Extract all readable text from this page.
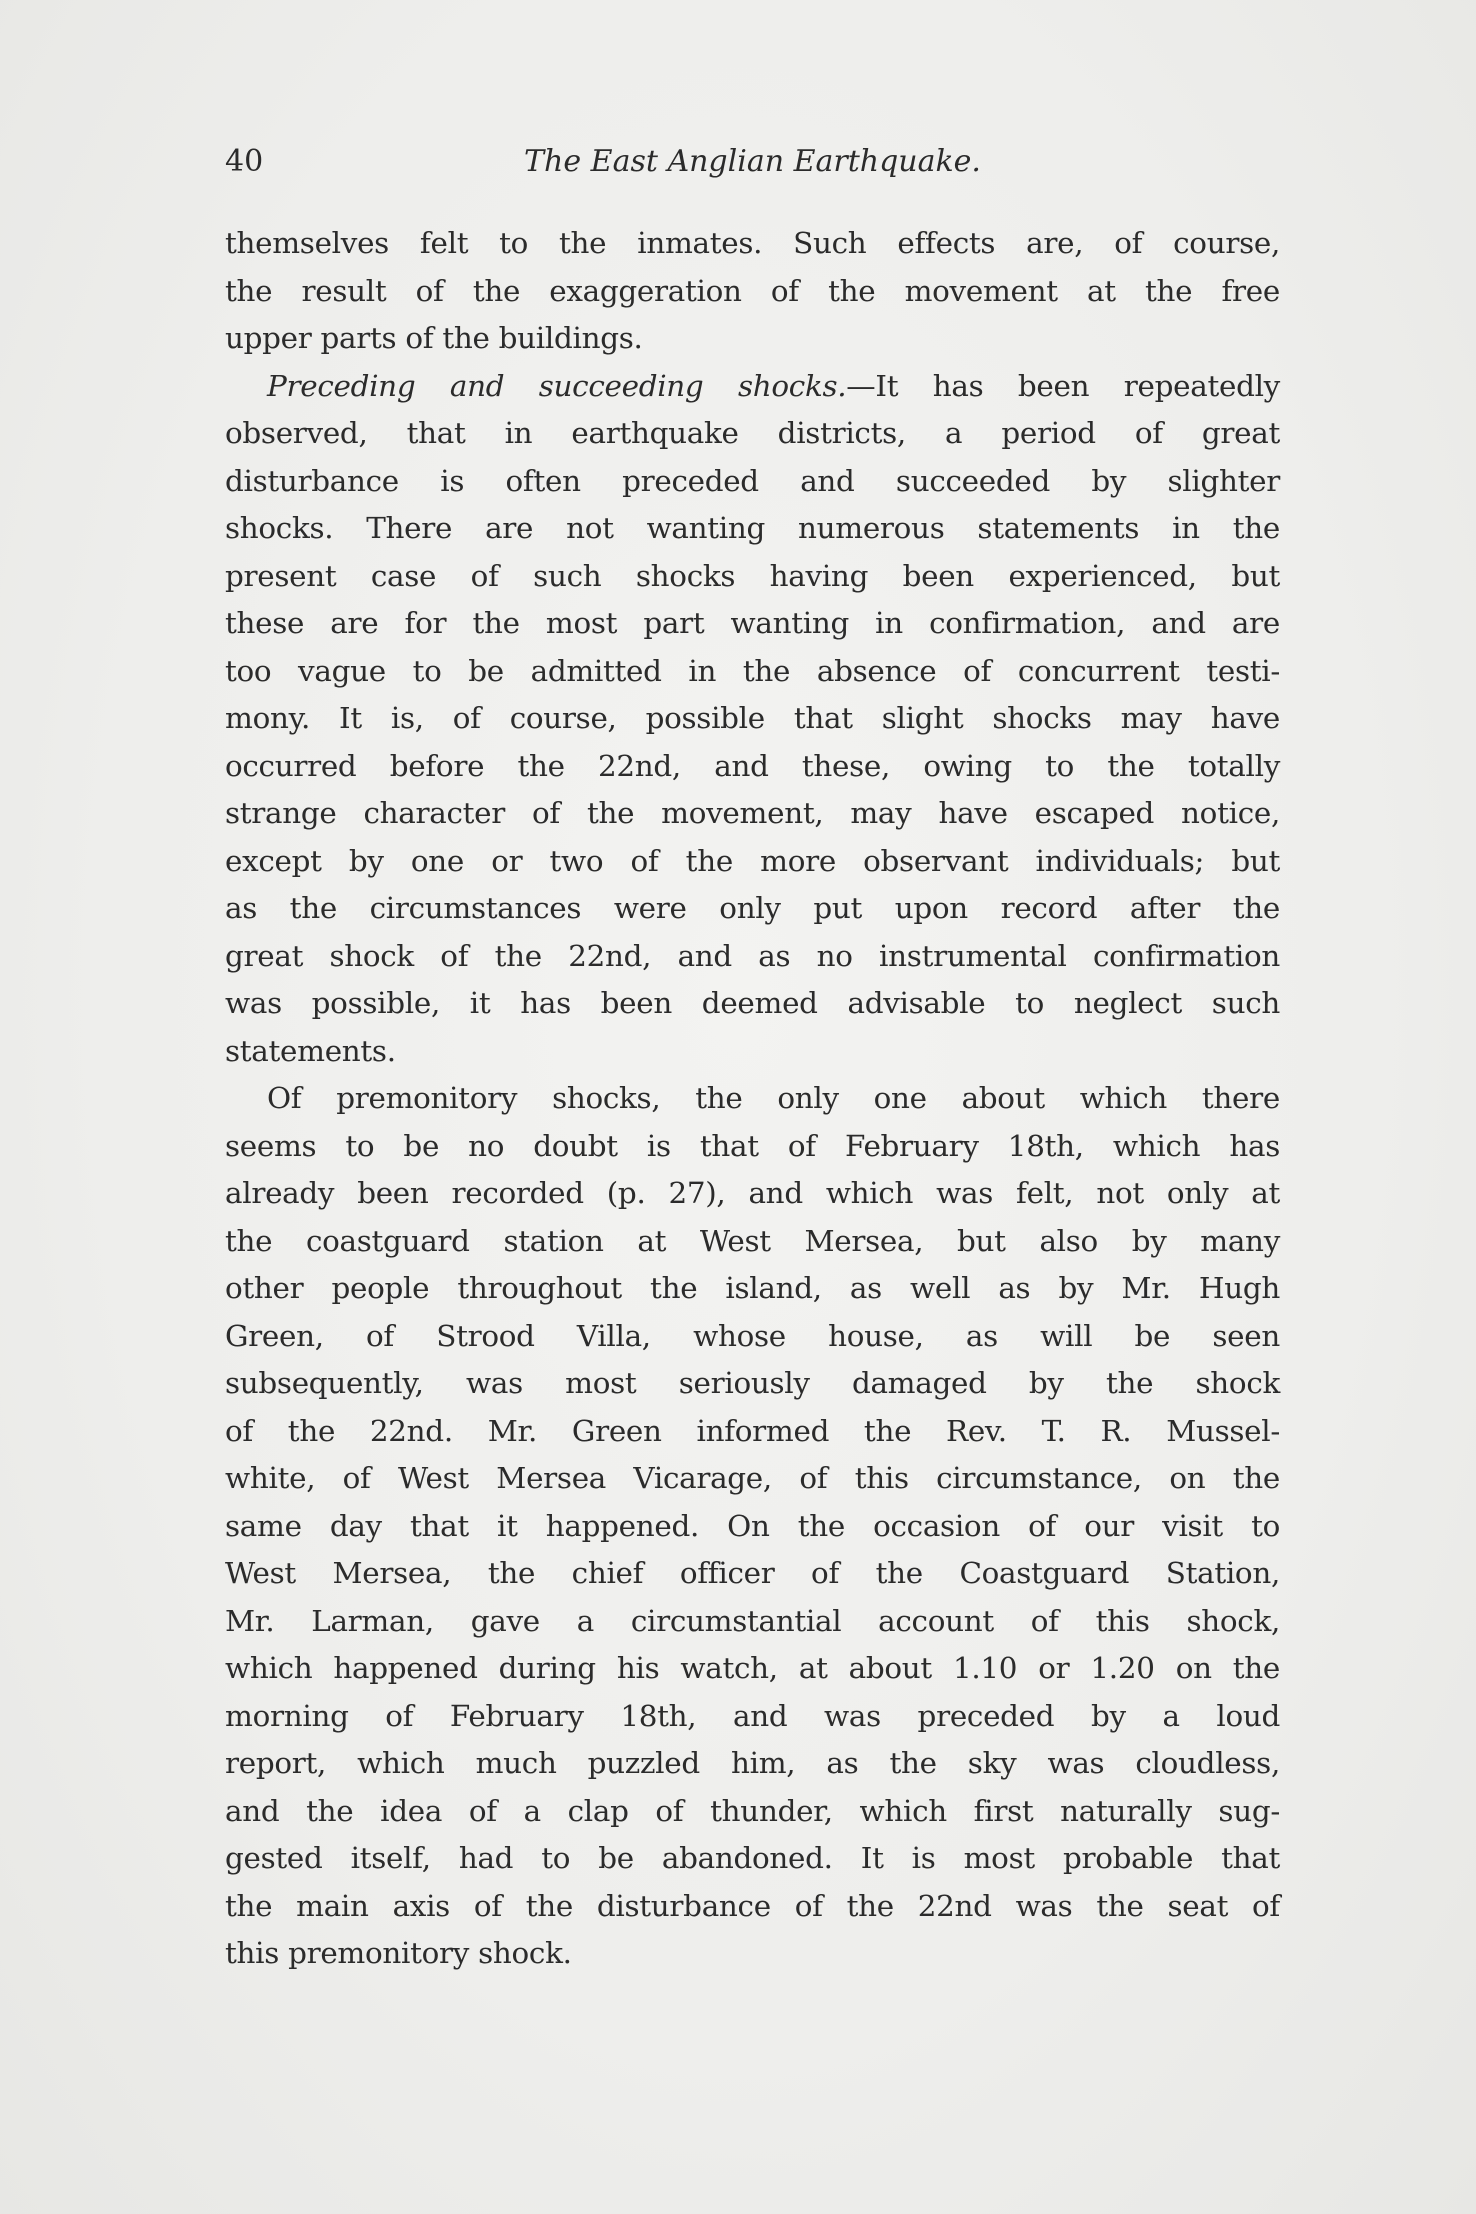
40	The East Anglian Earthquake.
themselves felt to the inmates. Such effects are, of course,
the result of the exaggeration of the movement at the free
upper parts of the buildings.
Preceding and succeeding shocks.—It has been repeatedly
observed, that in earthquake districts, a period of great
disturbance is often preceded and succeeded by slighter
shocks. There are not wanting numerous statements in the
present case of such shocks having been experienced, but
these are for the most part wanting in confirmation, and are
too vague to be admitted in the absence of concurrent testi-
mony. It is, of course, possible that slight shocks may have
occurred before the 22nd, and these, owing to the totally
strange character of the movement, may have escaped notice,
except by one or two of the more observant individuals; but
as the circumstances were only put upon record after the
great shock of the 22nd, and as no instrumental confirmation
was possible, it has been deemed advisable to neglect such
statements.
Of premonitory shocks, the only one about which there
seems to be no doubt is that of February 18th, which has
already been recorded (p. 27), and which was felt, not only at
the coastguard station at West Mersea, but also by many
other people throughout the island, as well as by Mr. Hugh
Green, of Strood Villa, whose house, as will be seen
subsequently, was most seriously damaged by the shock
of the 22nd. Mr. Green informed the Rev. T. R. Mussel-
white, of West Mersea Vicarage, of this circumstance, on the
same day that it happened. On the occasion of our visit to
West Mersea, the chief officer of the Coastguard Station,
Mr. Larman, gave a circumstantial account of this shock,
which happened during his watch, at about 1.10 or 1.20 on the
morning of February 18th, and was preceded by a loud
report, which much puzzled him, as the sky was cloudless,
and the idea of a clap of thunder, which first naturally sug-
gested itself, had to be abandoned. It is most probable that
the main axis of the disturbance of the 22nd was the seat of
this premonitory shock.
